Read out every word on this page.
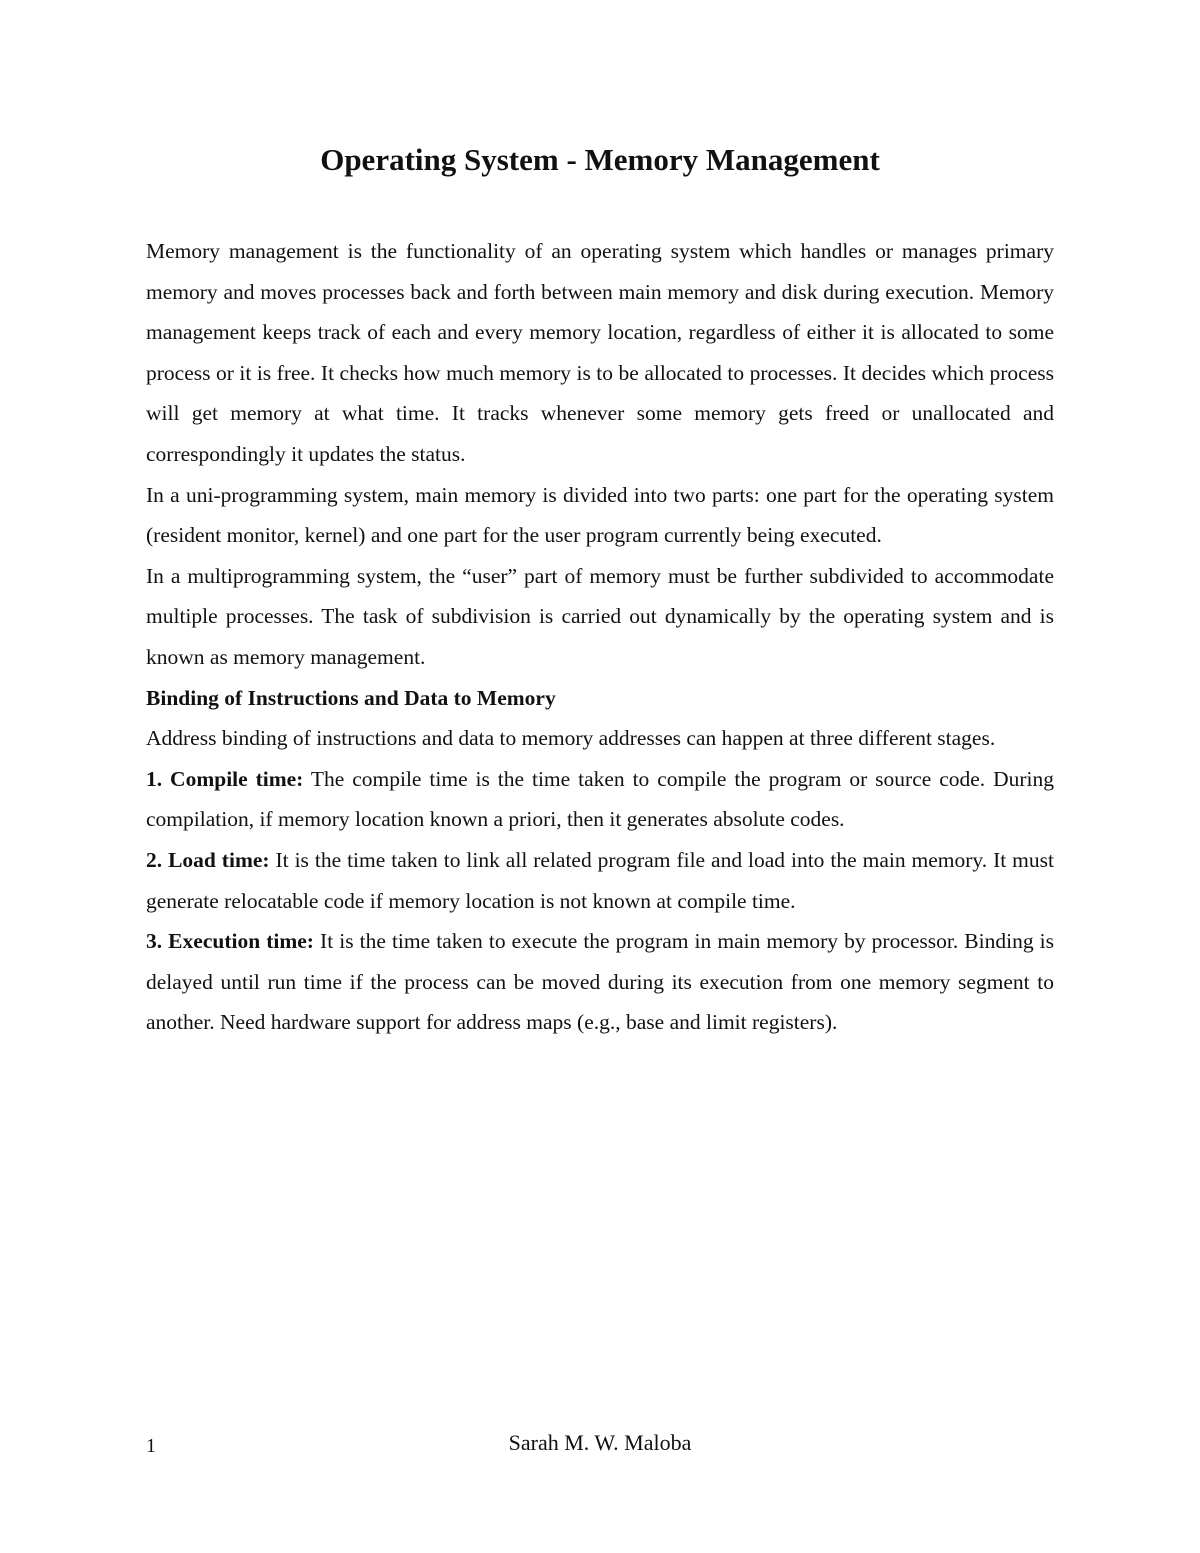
Operating System - Memory Management

Memory management is the functionality of an operating system which handles or manages primary memory and moves processes back and forth between main memory and disk during execution. Memory management keeps track of each and every memory location, regardless of either it is allocated to some process or it is free. It checks how much memory is to be allocated to processes. It decides which process will get memory at what time. It tracks whenever some memory gets freed or unallocated and correspondingly it updates the status.

In a uni-programming system, main memory is divided into two parts: one part for the operating system (resident monitor, kernel) and one part for the user program currently being executed.

In a multiprogramming system, the “user” part of memory must be further subdivided to accommodate multiple processes. The task of subdivision is carried out dynamically by the operating system and is known as memory management.

Binding of Instructions and Data to Memory

Address binding of instructions and data to memory addresses can happen at three different stages.

1. Compile time: The compile time is the time taken to compile the program or source code. During compilation, if memory location known a priori, then it generates absolute codes.

2. Load time: It is the time taken to link all related program file and load into the main memory. It must generate relocatable code if memory location is not known at compile time.

3. Execution time: It is the time taken to execute the program in main memory by processor. Binding is delayed until run time if the process can be moved during its execution from one memory segment to another. Need hardware support for address maps (e.g., base and limit registers).

1	Sarah M. W. Maloba
